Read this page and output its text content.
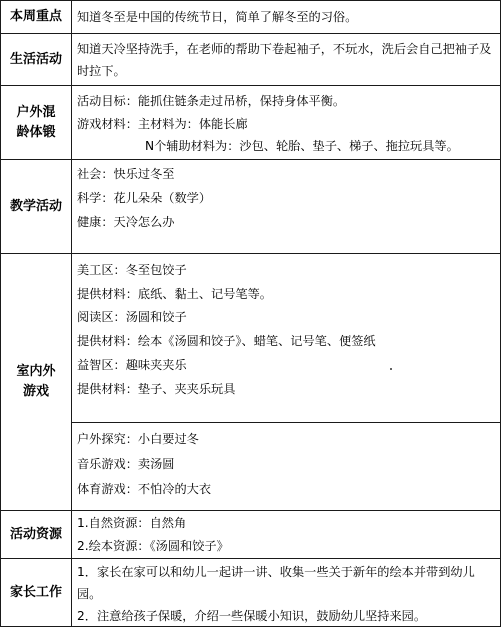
本周重点	知道冬至是中国的传统节日，简单了解冬至的习俗。
生活活动
知道天冷坚持洗手，在老师的帮助下卷起袖子，不玩水，洗后会自己把袖子及时拉下。
户外混
龄体锻
活动目标：能抓住链条走过吊桥，保持身体平衡。
游戏材料：主材料为：体能长廊
N个辅助材料为：沙包、轮胎、垫子、梯子、拖拉玩具等。
教学活动
社会：快乐过冬至
科学：花儿朵朵（数学）
健康：天冷怎么办
室内外
游戏
美工区：冬至包饺子
提供材料：底纸、黏土、记号笔等。
阅读区：汤圆和饺子
提供材料：绘本《汤圆和饺子》、蜡笔、记号笔、便签纸
益智区：趣味夹夹乐
提供材料：垫子、夹夹乐玩具
户外探究：小白要过冬
音乐游戏：卖汤圆
体育游戏：不怕冷的大衣
活动资源
1.自然资源：自然角
2.绘本资源：《汤圆和饺子》
家长工作
1．家长在家可以和幼儿一起讲一讲、收集一些关于新年的绘本并带到幼儿园。
2．注意给孩子保暖，介绍一些保暖小知识，鼓励幼儿坚持来园。
